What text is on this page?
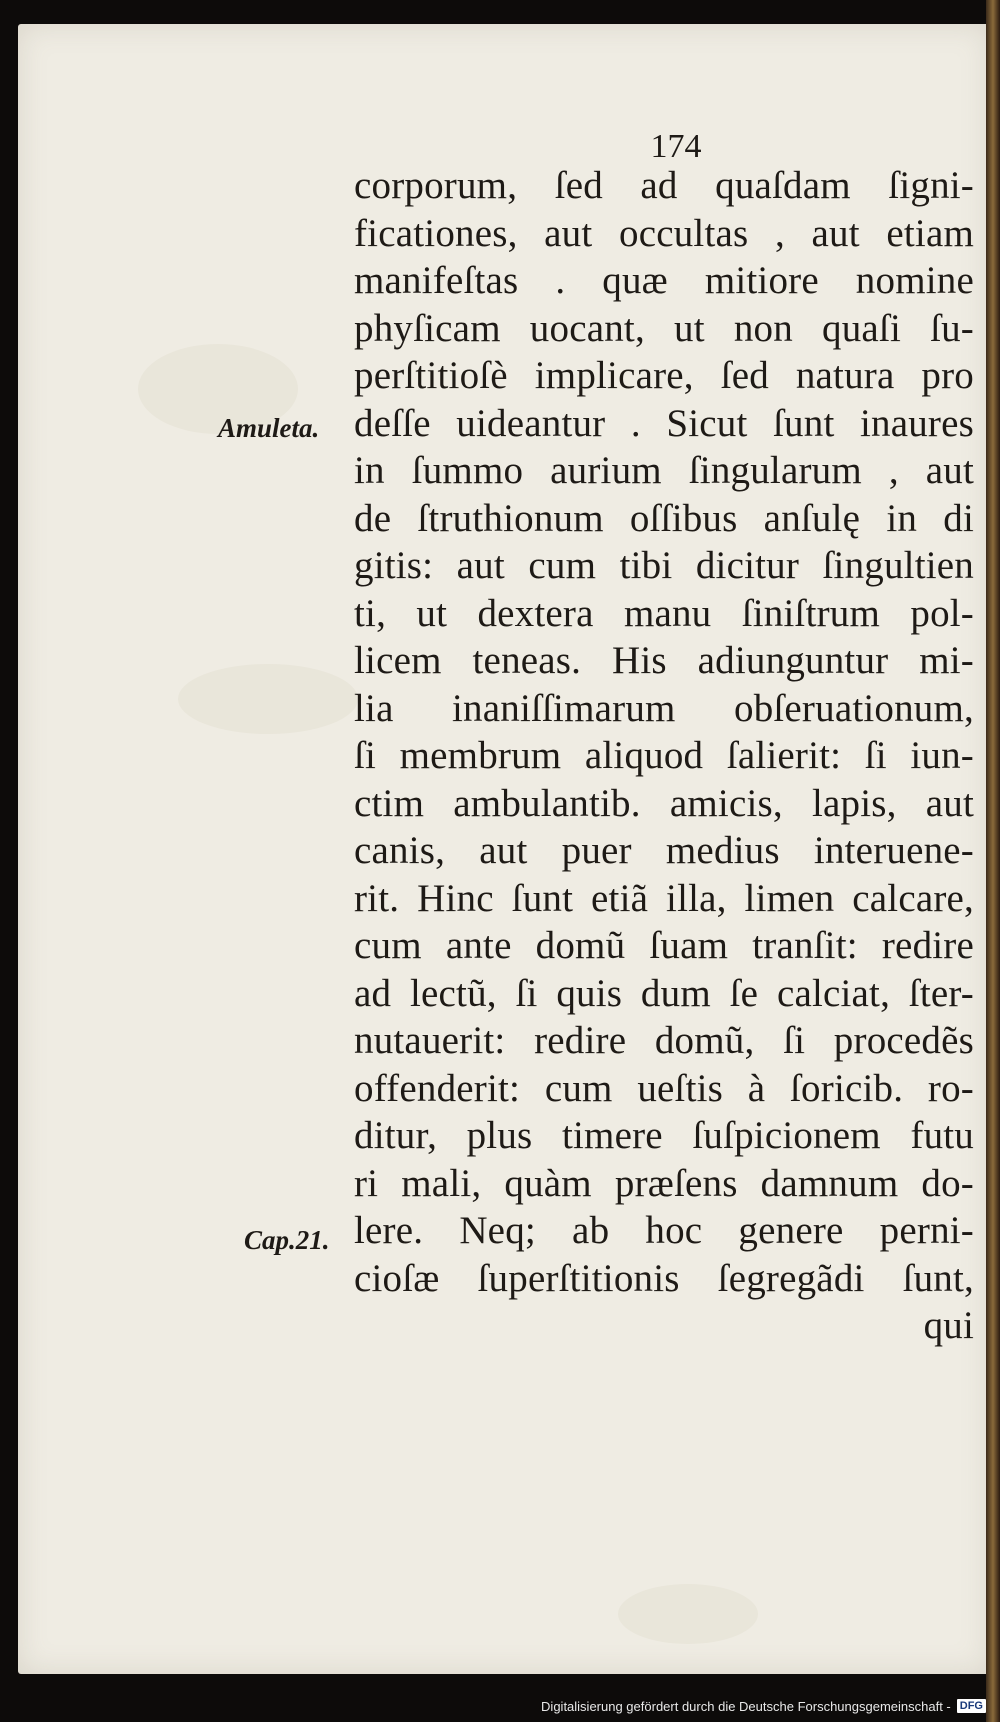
174
Amuleta.
Cap.21.
corporum, ſed ad quaſdam ſigni-
ficationes, aut occultas , aut etiam
manifeſtas . quæ mitiore nomine
phyſicam uocant, ut non quaſi ſu-
perſtitioſè implicare, ſed natura pro
deſſe uideantur . Sicut ſunt inaures
in ſummo aurium ſingularum , aut
de ſtruthionum oſſibus anſulę in di
gitis: aut cum tibi dicitur ſingultien
ti, ut dextera manu ſiniſtrum pol-
licem teneas. His adiunguntur mi-
lia inaniſſimarum obſeruationum,
ſi membrum aliquod ſalierit: ſi iun-
ctim ambulantib. amicis, lapis, aut
canis, aut puer medius interuene-
rit. Hinc ſunt etiã illa, limen calcare,
cum ante domũ ſuam tranſit: redire
ad lectũ, ſi quis dum ſe calciat, ſter-
nutauerit: redire domũ, ſi procedẽs
offenderit: cum ueſtis à ſoricib. ro-
ditur, plus timere ſuſpicionem futu
ri mali, quàm præſens damnum do-
lere. Neq; ab hoc genere perni-
cioſæ ſuperſtitionis ſegregãdi ſunt,
qui
Digitalisierung gefördert durch die Deutsche Forschungsgemeinschaft - DFG
